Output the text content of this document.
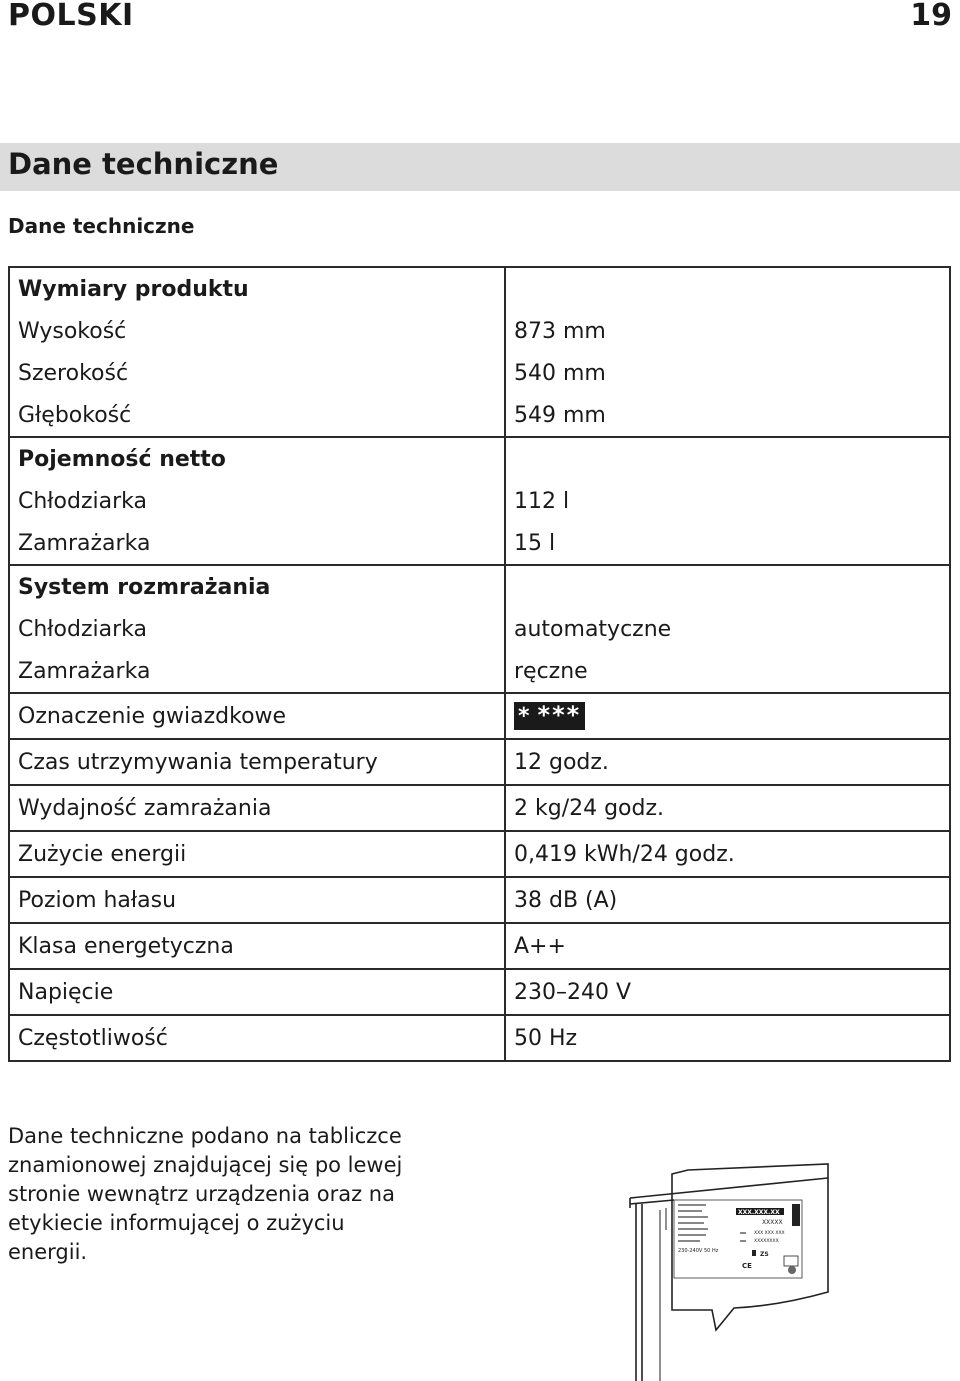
POLSKI	19
Dane techniczne
Dane techniczne
Wymiary produktu	
Wysokość	873 mm
Szerokość	540 mm
Głębokość	549 mm
Pojemność netto	
Chłodziarka	112 l
Zamrażarka	15 l
System rozmrażania	
Chłodziarka	automatyczne
Zamrażarka	ręczne
Oznaczenie gwiazdkowe	* ***
Czas utrzymywania temperatury	12 godz.
Wydajność zamrażania	2 kg/24 godz.
Zużycie energii	0,419 kWh/24 godz.
Poziom hałasu	38 dB (A)
Klasa energetyczna	A++
Napięcie	230–240 V
Częstotliwość	50 Hz
Dane techniczne podano na tabliczce znamionowej znajdującej się po lewej stronie wewnątrz urządzenia oraz na etykiecie informującej o zużyciu energii.
XXX.XXX.XX
XXXXX
230-240V 50 Hz
XXX XXX XXX
XXXXXXXX
ZS
CE
